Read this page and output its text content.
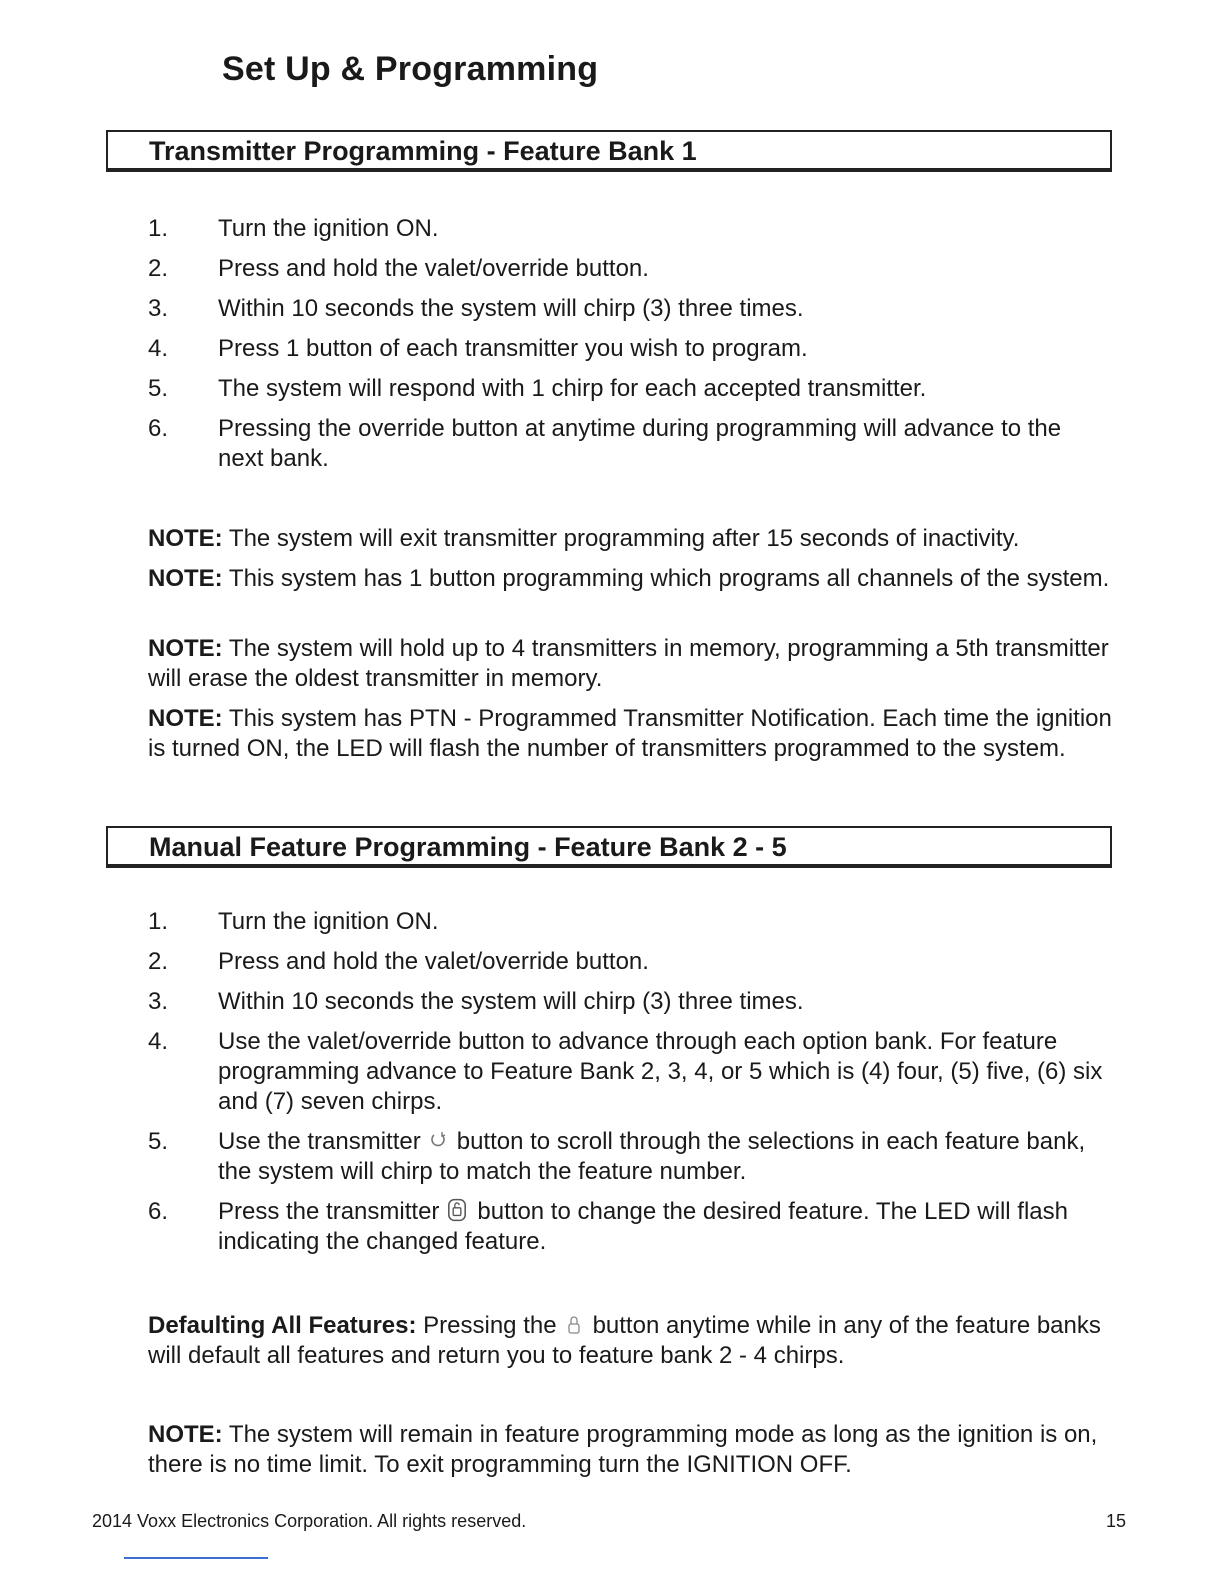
Set Up & Programming
Transmitter Programming - Feature Bank 1
1. Turn the ignition ON.
2. Press and hold the valet/override button.
3. Within 10 seconds the system will chirp (3) three times.
4. Press 1 button of each transmitter you wish to program.
5. The system will respond with 1 chirp for each accepted transmitter.
6. Pressing the override button at anytime during programming will advance to the next bank.

NOTE: The system will exit transmitter programming after 15 seconds of inactivity.

NOTE: This system has 1 button programming which programs all channels of the system.

NOTE: The system will hold up to 4 transmitters in memory, programming a 5th transmitter will erase the oldest transmitter in memory.

NOTE: This system has PTN - Programmed Transmitter Notification. Each time the ignition is turned ON, the LED will flash the number of transmitters programmed to the system.

Manual Feature Programming - Feature Bank 2 - 5
1. Turn the ignition ON.
2. Press and hold the valet/override button.
3. Within 10 seconds the system will chirp (3) three times.
4. Use the valet/override button to advance through each option bank. For feature programming advance to Feature Bank 2, 3, 4, or 5 which is (4) four, (5) five, (6) six and (7) seven chirps.
5. Use the transmitter button to scroll through the selections in each feature bank, the system will chirp to match the feature number.
6. Press the transmitter button to change the desired feature. The LED will flash indicating the changed feature.

Defaulting All Features: Pressing the button anytime while in any of the feature banks will default all features and return you to feature bank 2 - 4 chirps.

NOTE: The system will remain in feature programming mode as long as the ignition is on, there is no time limit. To exit programming turn the IGNITION OFF.

2014 Voxx Electronics Corporation. All rights reserved.	15
